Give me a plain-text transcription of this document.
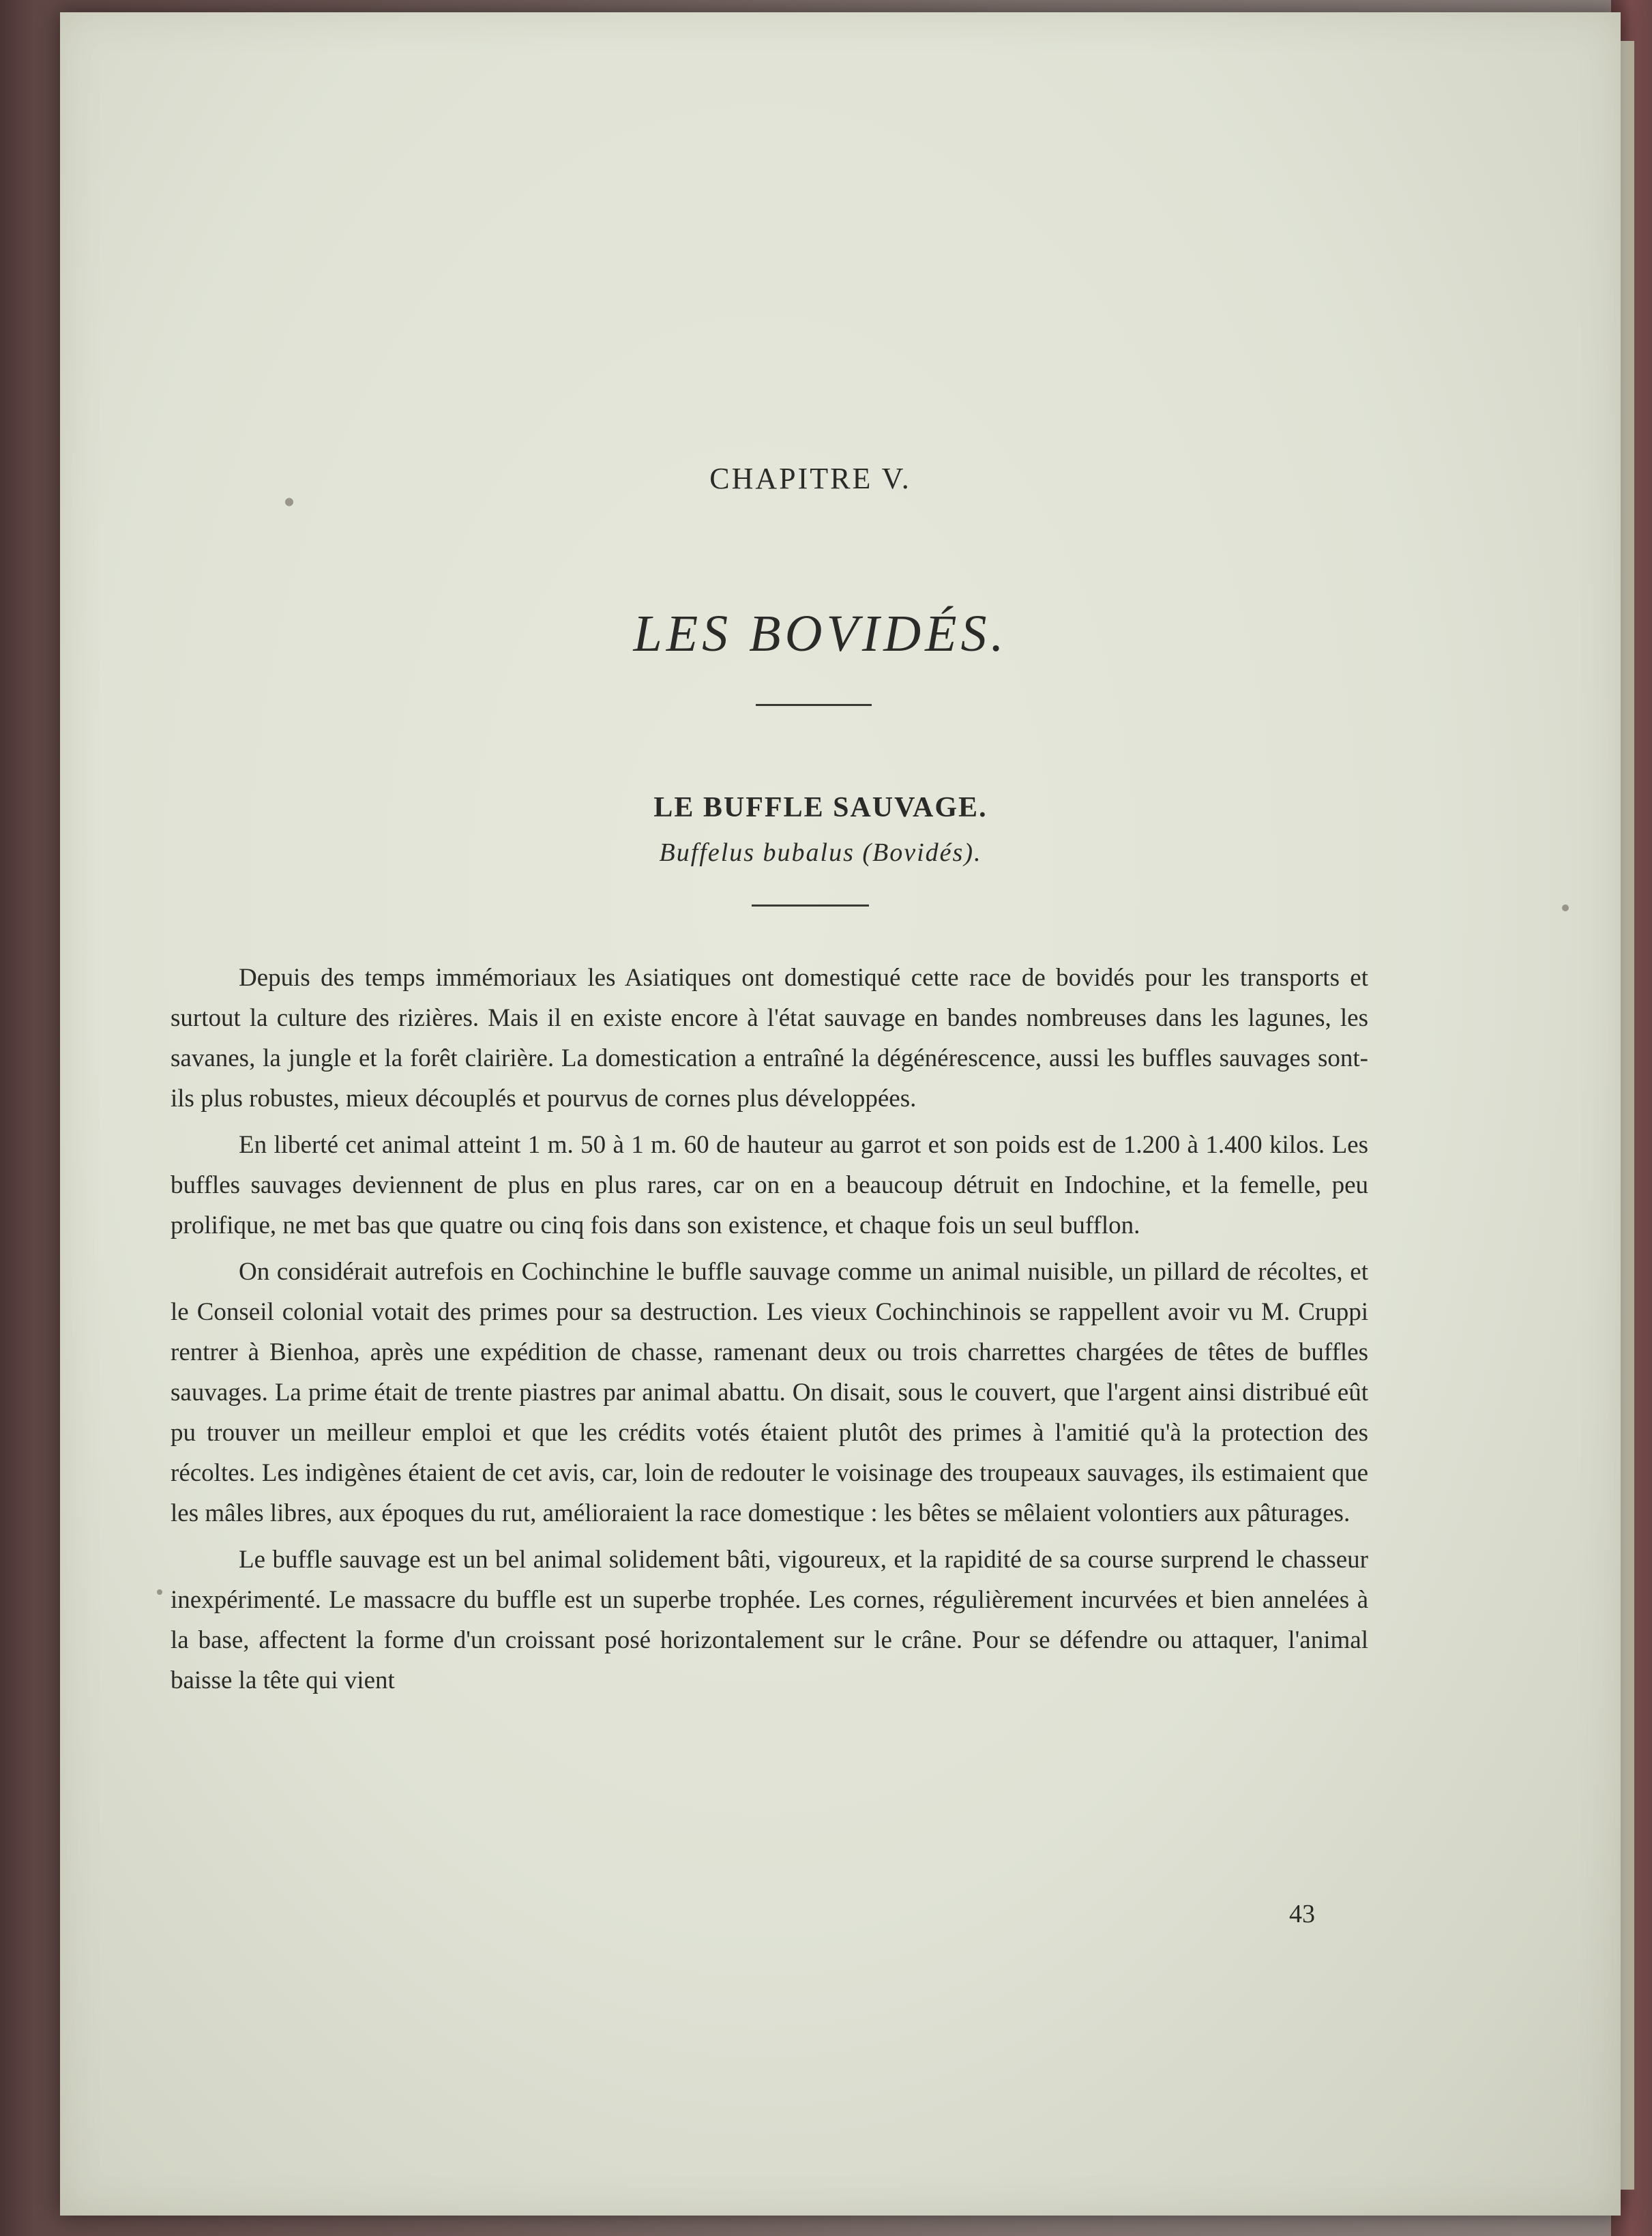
CHAPITRE V.
LES BOVIDÉS.
LE BUFFLE SAUVAGE.
Buffelus bubalus (Bovidés).

Depuis des temps immémoriaux les Asiatiques ont domestiqué cette race de bovidés pour les transports et surtout la culture des rizières. Mais il en existe encore à l'état sauvage en bandes nombreuses dans les lagunes, les savanes, la jungle et la forêt clairière. La domestication a entraîné la dégénérescence, aussi les buffles sauvages sont-ils plus robustes, mieux découplés et pourvus de cornes plus développées.

En liberté cet animal atteint 1 m. 50 à 1 m. 60 de hauteur au garrot et son poids est de 1.200 à 1.400 kilos. Les buffles sauvages deviennent de plus en plus rares, car on en a beaucoup détruit en Indochine, et la femelle, peu prolifique, ne met bas que quatre ou cinq fois dans son existence, et chaque fois un seul bufflon.

On considérait autrefois en Cochinchine le buffle sauvage comme un animal nuisible, un pillard de récoltes, et le Conseil colonial votait des primes pour sa destruction. Les vieux Cochinchinois se rappellent avoir vu M. Cruppi rentrer à Bienhoa, après une expédition de chasse, ramenant deux ou trois charrettes chargées de têtes de buffles sauvages. La prime était de trente piastres par animal abattu. On disait, sous le couvert, que l'argent ainsi distribué eût pu trouver un meilleur emploi et que les crédits votés étaient plutôt des primes à l'amitié qu'à la protection des récoltes. Les indigènes étaient de cet avis, car, loin de redouter le voisinage des troupeaux sauvages, ils estimaient que les mâles libres, aux époques du rut, amélioraient la race domestique : les bêtes se mêlaient volontiers aux pâturages.

Le buffle sauvage est un bel animal solidement bâti, vigoureux, et la rapidité de sa course surprend le chasseur inexpérimenté. Le massacre du buffle est un superbe trophée. Les cornes, régulièrement incurvées et bien annelées à la base, affectent la forme d'un croissant posé horizontalement sur le crâne. Pour se défendre ou attaquer, l'animal baisse la tête qui vient

43
